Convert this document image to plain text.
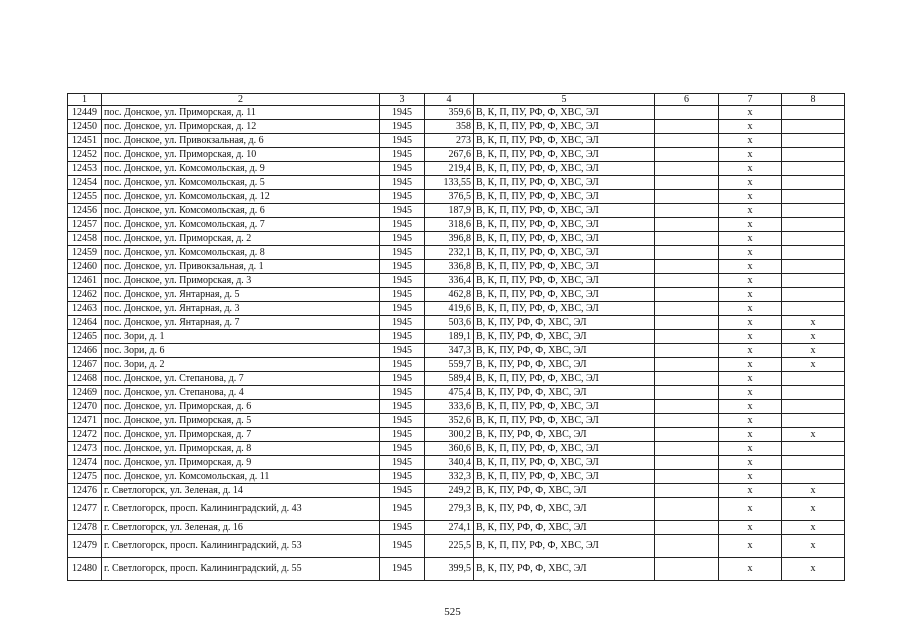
1	2	3	4	5	6	7	8
12449	пос. Донское, ул. Приморская, д. 11	1945	359,6	В, К, П, ПУ, РФ, Ф, ХВС, ЭЛ		x	
12450	пос. Донское, ул. Приморская, д. 12	1945	358	В, К, П, ПУ, РФ, Ф, ХВС, ЭЛ		x	
12451	пос. Донское, ул. Привокзальная, д. 6	1945	273	В, К, П, ПУ, РФ, Ф, ХВС, ЭЛ		x	
12452	пос. Донское, ул. Приморская, д. 10	1945	267,6	В, К, П, ПУ, РФ, Ф, ХВС, ЭЛ		x	
12453	пос. Донское, ул. Комсомольская, д. 9	1945	219,4	В, К, П, ПУ, РФ, Ф, ХВС, ЭЛ		x	
12454	пос. Донское, ул. Комсомольская, д. 5	1945	133,55	В, К, П, ПУ, РФ, Ф, ХВС, ЭЛ		x	
12455	пос. Донское, ул. Комсомольская, д. 12	1945	376,5	В, К, П, ПУ, РФ, Ф, ХВС, ЭЛ		x	
12456	пос. Донское, ул. Комсомольская, д. 6	1945	187,9	В, К, П, ПУ, РФ, Ф, ХВС, ЭЛ		x	
12457	пос. Донское, ул. Комсомольская, д. 7	1945	318,6	В, К, П, ПУ, РФ, Ф, ХВС, ЭЛ		x	
12458	пос. Донское, ул. Приморская, д. 2	1945	396,8	В, К, П, ПУ, РФ, Ф, ХВС, ЭЛ		x	
12459	пос. Донское, ул. Комсомольская, д. 8	1945	232,1	В, К, П, ПУ, РФ, Ф, ХВС, ЭЛ		x	
12460	пос. Донское, ул. Привокзальная, д. 1	1945	336,8	В, К, П, ПУ, РФ, Ф, ХВС, ЭЛ		x	
12461	пос. Донское, ул. Приморская, д. 3	1945	336,4	В, К, П, ПУ, РФ, Ф, ХВС, ЭЛ		x	
12462	пос. Донское, ул. Янтарная, д. 5	1945	462,8	В, К, П, ПУ, РФ, Ф, ХВС, ЭЛ		x	
12463	пос. Донское, ул. Янтарная, д. 3	1945	419,6	В, К, П, ПУ, РФ, Ф, ХВС, ЭЛ		x	
12464	пос. Донское, ул. Янтарная, д. 7	1945	503,6	В, К, ПУ, РФ, Ф, ХВС, ЭЛ		x	x
12465	пос. Зори, д. 1	1945	189,1	В, К, ПУ, РФ, Ф, ХВС, ЭЛ		x	x
12466	пос. Зори, д. 6	1945	347,3	В, К, ПУ, РФ, Ф, ХВС, ЭЛ		x	x
12467	пос. Зори, д. 2	1945	559,7	В, К, ПУ, РФ, Ф, ХВС, ЭЛ		x	x
12468	пос. Донское, ул. Степанова, д. 7	1945	589,4	В, К, П, ПУ, РФ, Ф, ХВС, ЭЛ		x	
12469	пос. Донское, ул. Степанова, д. 4	1945	475,4	В, К, ПУ, РФ, Ф, ХВС, ЭЛ		x	
12470	пос. Донское, ул. Приморская, д. 6	1945	333,6	В, К, П, ПУ, РФ, Ф, ХВС, ЭЛ		x	
12471	пос. Донское, ул. Приморская, д. 5	1945	352,6	В, К, П, ПУ, РФ, Ф, ХВС, ЭЛ		x	
12472	пос. Донское, ул. Приморская, д. 7	1945	300,2	В, К, ПУ, РФ, Ф, ХВС, ЭЛ		x	x
12473	пос. Донское, ул. Приморская, д. 8	1945	360,6	В, К, П, ПУ, РФ, Ф, ХВС, ЭЛ		x	
12474	пос. Донское, ул. Приморская, д. 9	1945	340,4	В, К, П, ПУ, РФ, Ф, ХВС, ЭЛ		x	
12475	пос. Донское, ул. Комсомольская, д. 11	1945	332,3	В, К, П, ПУ, РФ, Ф, ХВС, ЭЛ		x	
12476	г. Светлогорск, ул. Зеленая, д. 14	1945	249,2	В, К, ПУ, РФ, Ф, ХВС, ЭЛ		x	x
12477	г. Светлогорск, просп. Калининградский, д. 43	1945	279,3	В, К, ПУ, РФ, Ф, ХВС, ЭЛ		x	x
12478	г. Светлогорск, ул. Зеленая, д. 16	1945	274,1	В, К, ПУ, РФ, Ф, ХВС, ЭЛ		x	x
12479	г. Светлогорск, просп. Калининградский, д. 53	1945	225,5	В, К, П, ПУ, РФ, Ф, ХВС, ЭЛ		x	x
12480	г. Светлогорск, просп. Калининградский, д. 55	1945	399,5	В, К, ПУ, РФ, Ф, ХВС, ЭЛ		x	x
525
